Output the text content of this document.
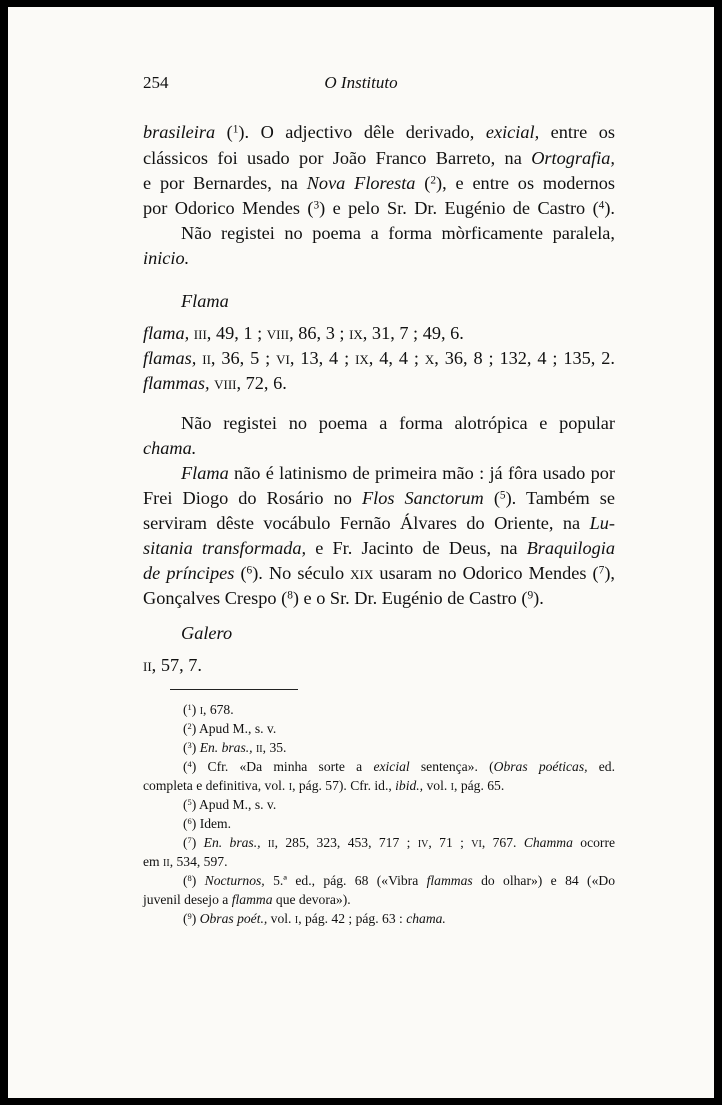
254	O Instituto
brasileira ($^1$). O adjectivo dêle derivado, exicial, entre os
clássicos foi usado por João Franco Barreto, na Ortografia,
e por Bernardes, na Nova Floresta ($^2$), e entre os modernos
por Odorico Mendes ($^3$) e pelo Sr. Dr. Eugénio de Castro ($^4$).
Não registei no poema a forma mòrficamente paralela,
inicio.
Flama
flama, iii, 49, 1 ; viii, 86, 3 ; ix, 31, 7 ; 49, 6.
flamas, ii, 36, 5 ; vi, 13, 4 ; ix, 4, 4 ; x, 36, 8 ; 132, 4 ; 135, 2.
flammas, viii, 72, 6.
Não registei no poema a forma alotrópica e popular
chama.
Flama não é latinismo de primeira mão : já fôra usado por
Frei Diogo do Rosário no Flos Sanctorum ($^5$). Também se
serviram dêste vocábulo Fernão Álvares do Oriente, na Lu-
sitania transformada, e Fr. Jacinto de Deus, na Braquilogia
de príncipes ($^6$). No século xix usaram no Odorico Mendes ($^7$),
Gonçalves Crespo ($^8$) e o Sr. Dr. Eugénio de Castro ($^9$).
Galero
ii, 57, 7.
($^1$) i, 678.
($^2$) Apud M., s. v.
($^3$) En. bras., ii, 35.
($^4$) Cfr. «Da minha sorte a exicial sentença». (Obras poéticas, ed.
completa e definitiva, vol. i, pág. 57). Cfr. id., ibid., vol. i, pág. 65.
($^5$) Apud M., s. v.
($^6$) Idem.
($^7$) En. bras., ii, 285, 323, 453, 717 ; iv, 71 ; vi, 767. Chamma ocorre
em ii, 534, 597.
($^8$) Nocturnos, 5.ª ed., pág. 68 («Vibra flammas do olhar») e 84 («Do
juvenil desejo a flamma que devora»).
($^9$) Obras poét., vol. i, pág. 42 ; pág. 63 : chama.
